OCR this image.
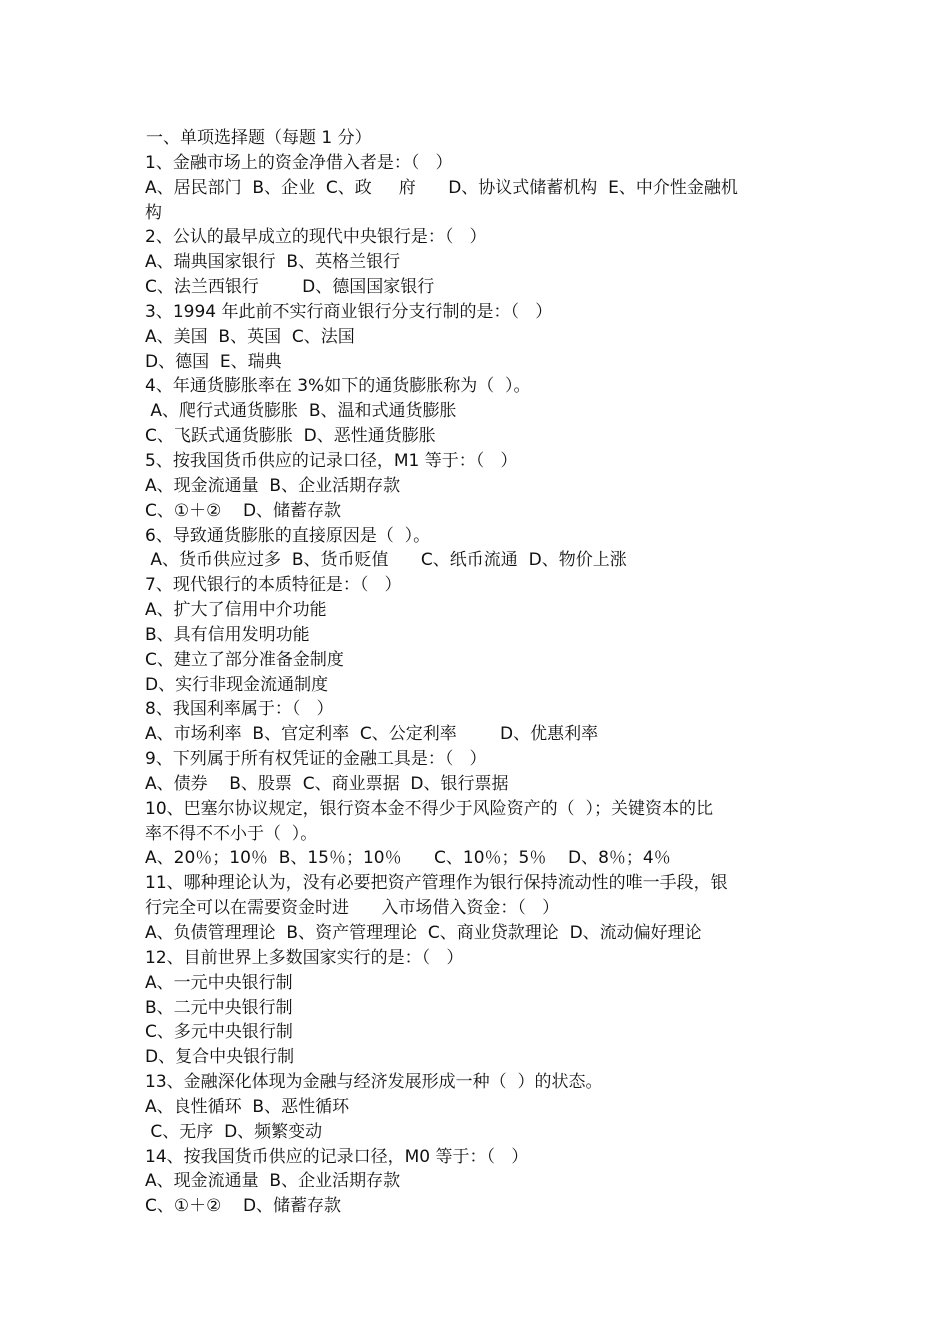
一、单项选择题（每题 1 分）
1、金融市场上的资金净借入者是：（   ）
A、居民部门  B、企业  C、政     府      D、协议式储蓄机构  E、中介性金融机
构
2、公认的最早成立的现代中央银行是：（   ）
A、瑞典国家银行  B、英格兰银行
C、法兰西银行        D、德国国家银行
3、1994 年此前不实行商业银行分支行制的是：（   ）
A、美国  B、英国  C、法国
D、德国  E、瑞典
4、年通货膨胀率在 3%如下的通货膨胀称为（  ）。
A、爬行式通货膨胀  B、温和式通货膨胀
C、飞跃式通货膨胀  D、恶性通货膨胀
5、按我国货币供应的记录口径，M1 等于：（   ）
A、现金流通量  B、企业活期存款
C、①＋②    D、储蓄存款
6、导致通货膨胀的直接原因是（  ）。
A、货币供应过多  B、货币贬值      C、纸币流通  D、物价上涨
7、现代银行的本质特征是：（   ）
A、扩大了信用中介功能
B、具有信用发明功能
C、建立了部分准备金制度
D、实行非现金流通制度
8、我国利率属于：（   ）
A、市场利率  B、官定利率  C、公定利率        D、优惠利率
9、下列属于所有权凭证的金融工具是：（   ）
A、债券    B、股票  C、商业票据  D、银行票据
10、巴塞尔协议规定，银行资本金不得少于风险资产的（  ）；关键资本的比
率不得不不小于（  ）。
A、20％；10％  B、15％；10％      C、10％；5％    D、8％；4％
11、哪种理论认为，没有必要把资产管理作为银行保持流动性的唯一手段，银
行完全可以在需要资金时进      入市场借入资金：（   ）
A、负债管理理论  B、资产管理理论  C、商业贷款理论  D、流动偏好理论
12、目前世界上多数国家实行的是：（   ）
A、一元中央银行制
B、二元中央银行制
C、多元中央银行制
D、复合中央银行制
13、金融深化体现为金融与经济发展形成一种（  ）的状态。
A、良性循环  B、恶性循环
C、无序  D、频繁变动
14、按我国货币供应的记录口径，M0 等于：（   ）
A、现金流通量  B、企业活期存款
C、①＋②    D、储蓄存款
